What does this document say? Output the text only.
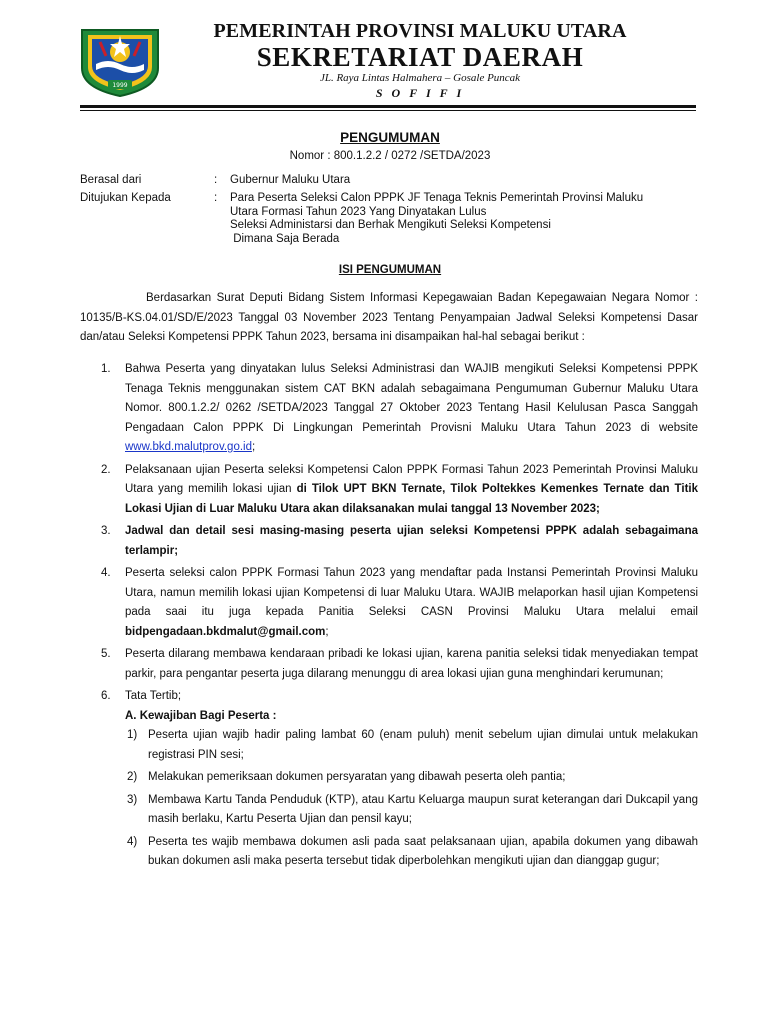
1999
PEMERINTAH PROVINSI MALUKU UTARA
SEKRETARIAT DAERAH
JL. Raya Lintas Halmahera – Gosale Puncak
S O F I F I
PENGUMUMAN
Nomor : 800.1.2.2 / 0272 /SETDA/2023
Berasal dari	: Gubernur Maluku Utara
Ditujukan Kepada	: Para Peserta Seleksi Calon PPPK JF Tenaga Teknis Pemerintah Provinsi Maluku
Utara Formasi Tahun 2023 Yang Dinyatakan Lulus
Seleksi Administarsi dan Berhak Mengikuti Seleksi Kompetensi
Dimana Saja Berada
ISI PENGUMUMAN
Berdasarkan Surat Deputi Bidang Sistem Informasi Kepegawaian Badan Kepegawaian Negara Nomor : 10135/B-KS.04.01/SD/E/2023 Tanggal 03 November 2023 Tentang Penyampaian Jadwal Seleksi Kompetensi Dasar dan/atau Seleksi Kompetensi PPPK Tahun 2023, bersama ini disampaikan hal-hal sebagai berikut :
1.	Bahwa Peserta yang dinyatakan lulus Seleksi Administrasi dan WAJIB mengikuti Seleksi Kompetensi PPPK Tenaga Teknis menggunakan sistem CAT BKN adalah sebagaimana Pengumuman Gubernur Maluku Utara Nomor. 800.1.2.2/ 0262 /SETDA/2023 Tanggal 27 Oktober 2023 Tentang Hasil Kelulusan Pasca Sanggah Pengadaan Calon PPPK Di Lingkungan Pemerintah Provisni Maluku Utara Tahun 2023 di website www.bkd.malutprov.go.id;
2.	Pelaksanaan ujian Peserta seleksi Kompetensi Calon PPPK Formasi Tahun 2023 Pemerintah Provinsi Maluku Utara yang memilih lokasi ujian di Tilok UPT BKN Ternate, Tilok Poltekkes Kemenkes Ternate dan Titik Lokasi Ujian di Luar Maluku Utara akan dilaksanakan mulai tanggal 13 November 2023;
3.	Jadwal dan detail sesi masing-masing peserta ujian seleksi Kompetensi PPPK adalah sebagaimana terlampir;
4.	Peserta seleksi calon PPPK Formasi Tahun 2023 yang mendaftar pada Instansi Pemerintah Provinsi Maluku Utara, namun memilih lokasi ujian Kompetensi di luar Maluku Utara. WAJIB melaporkan hasil ujian Kompetensi pada saai itu juga kepada Panitia Seleksi CASN Provinsi Maluku Utara melalui email bidpengadaan.bkdmalut@gmail.com;
5.	Peserta dilarang membawa kendaraan pribadi ke lokasi ujian, karena panitia seleksi tidak menyediakan tempat parkir, para pengantar peserta juga dilarang menunggu di area lokasi ujian guna menghindari kerumunan;
6.	Tata Tertib;
A. Kewajiban Bagi Peserta :
1) Peserta ujian wajib hadir paling lambat 60 (enam puluh) menit sebelum ujian dimulai untuk melakukan registrasi PIN sesi;
2) Melakukan pemeriksaan dokumen persyaratan yang dibawah peserta oleh pantia;
3) Membawa Kartu Tanda Penduduk (KTP), atau Kartu Keluarga maupun surat keterangan dari Dukcapil yang masih berlaku, Kartu Peserta Ujian dan pensil kayu;
4) Peserta tes wajib membawa dokumen asli pada saat pelaksanaan ujian, apabila dokumen yang dibawah bukan dokumen asli maka peserta tersebut tidak diperbolehkan mengikuti ujian dan dianggap gugur;
